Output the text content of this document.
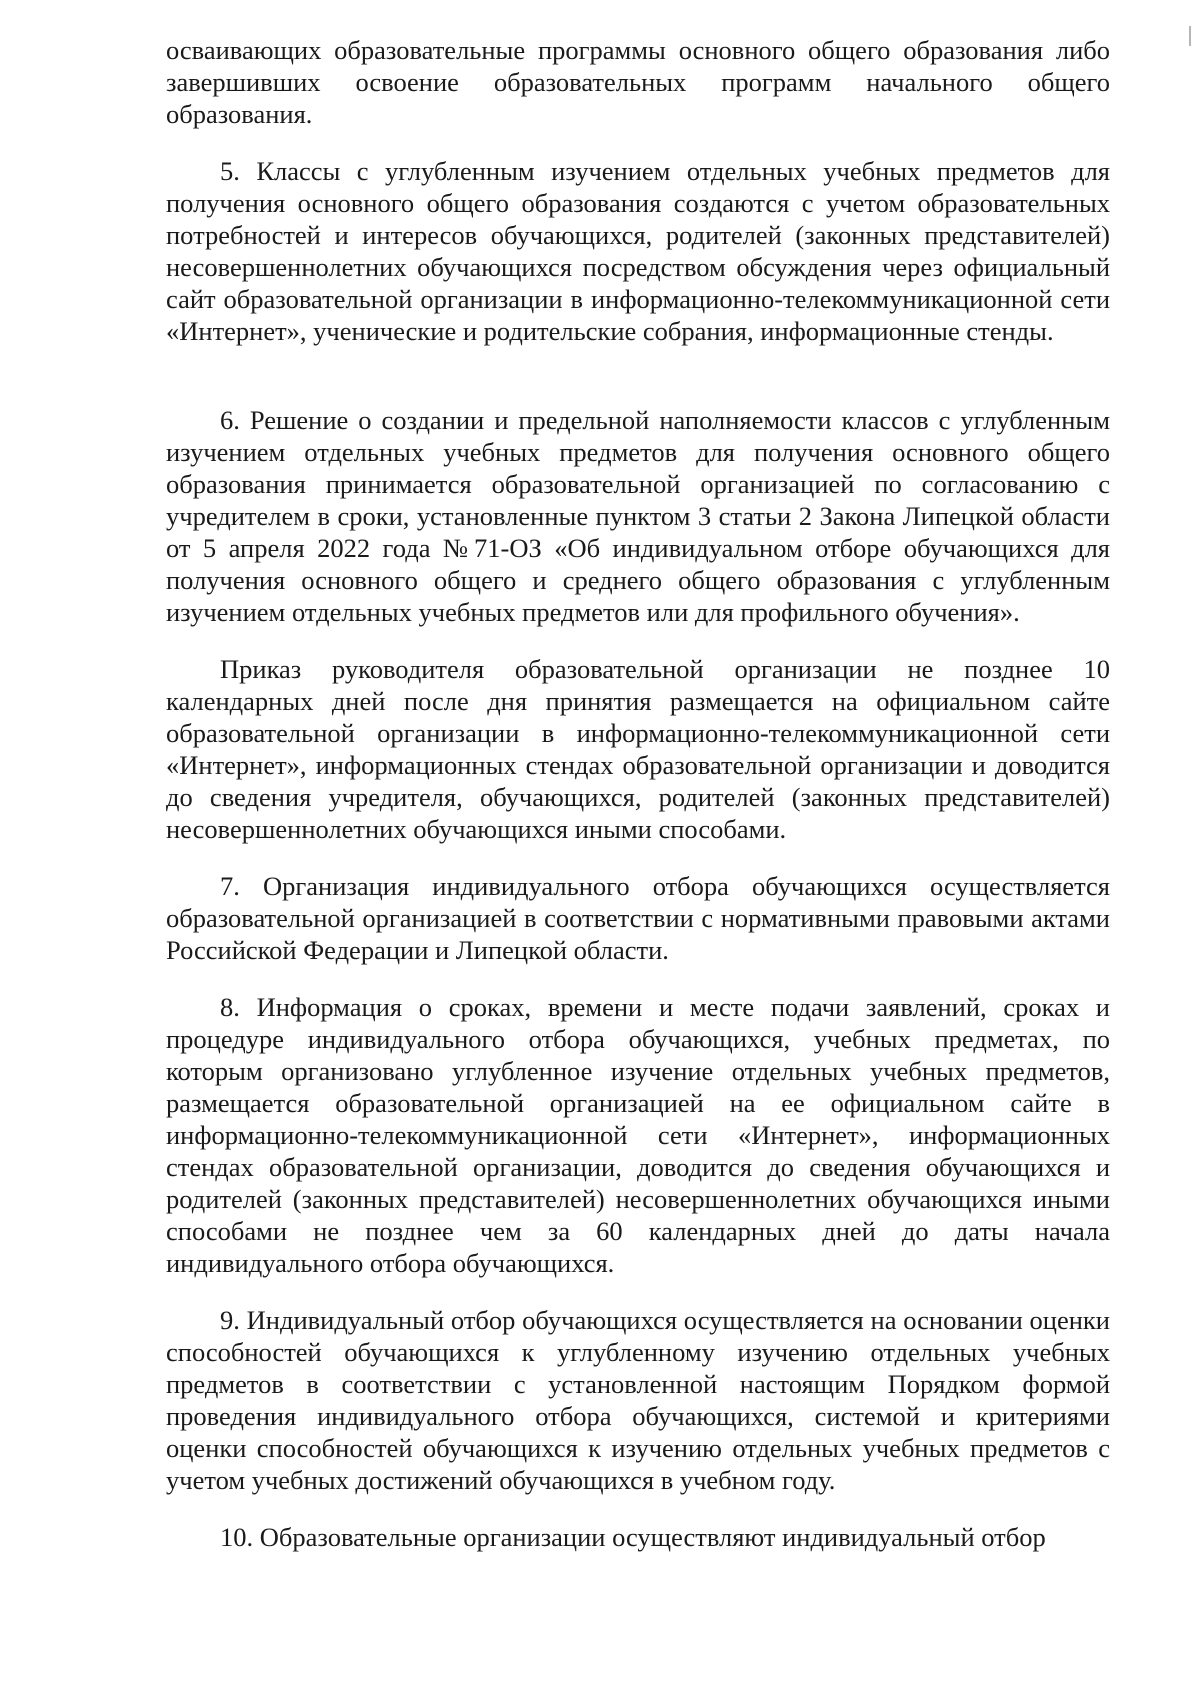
осваивающих образовательные программы основного общего образования либо завершивших освоение образовательных программ начального общего образования.

5. Классы с углубленным изучением отдельных учебных предметов для получения основного общего образования создаются с учетом образовательных потребностей и интересов обучающихся, родителей (законных представителей) несовершеннолетних обучающихся посредством обсуждения через официальный сайт образовательной организации в информационно-телекоммуникационной сети «Интернет», ученические и родительские собрания, информационные стенды.

6. Решение о создании и предельной наполняемости классов с углубленным изучением отдельных учебных предметов для получения основного общего образования принимается образовательной организацией по согласованию с учредителем в сроки, установленные пунктом 3 статьи 2 Закона Липецкой области от 5 апреля 2022 года №71-ОЗ «Об индивидуальном отборе обучающихся для получения основного общего и среднего общего образования с углубленным изучением отдельных учебных предметов или для профильного обучения».

Приказ руководителя образовательной организации не позднее 10 календарных дней после дня принятия размещается на официальном сайте образовательной организации в информационно-телекоммуникационной сети «Интернет», информационных стендах образовательной организации и доводится до сведения учредителя, обучающихся, родителей (законных представителей) несовершеннолетних обучающихся иными способами.

7. Организация индивидуального отбора обучающихся осуществляется образовательной организацией в соответствии с нормативными правовыми актами Российской Федерации и Липецкой области.

8. Информация о сроках, времени и месте подачи заявлений, сроках и процедуре индивидуального отбора обучающихся, учебных предметах, по которым организовано углубленное изучение отдельных учебных предметов, размещается образовательной организацией на ее официальном сайте в информационно-телекоммуникационной сети «Интернет», информационных стендах образовательной организации, доводится до сведения обучающихся и родителей (законных представителей) несовершеннолетних обучающихся иными способами не позднее чем за 60 календарных дней до даты начала индивидуального отбора обучающихся.

9. Индивидуальный отбор обучающихся осуществляется на основании оценки способностей обучающихся к углубленному изучению отдельных учебных предметов в соответствии с установленной настоящим Порядком формой проведения индивидуального отбора обучающихся, системой и критериями оценки способностей обучающихся к изучению отдельных учебных предметов с учетом учебных достижений обучающихся в учебном году.

10. Образовательные организации осуществляют индивидуальный отбор
